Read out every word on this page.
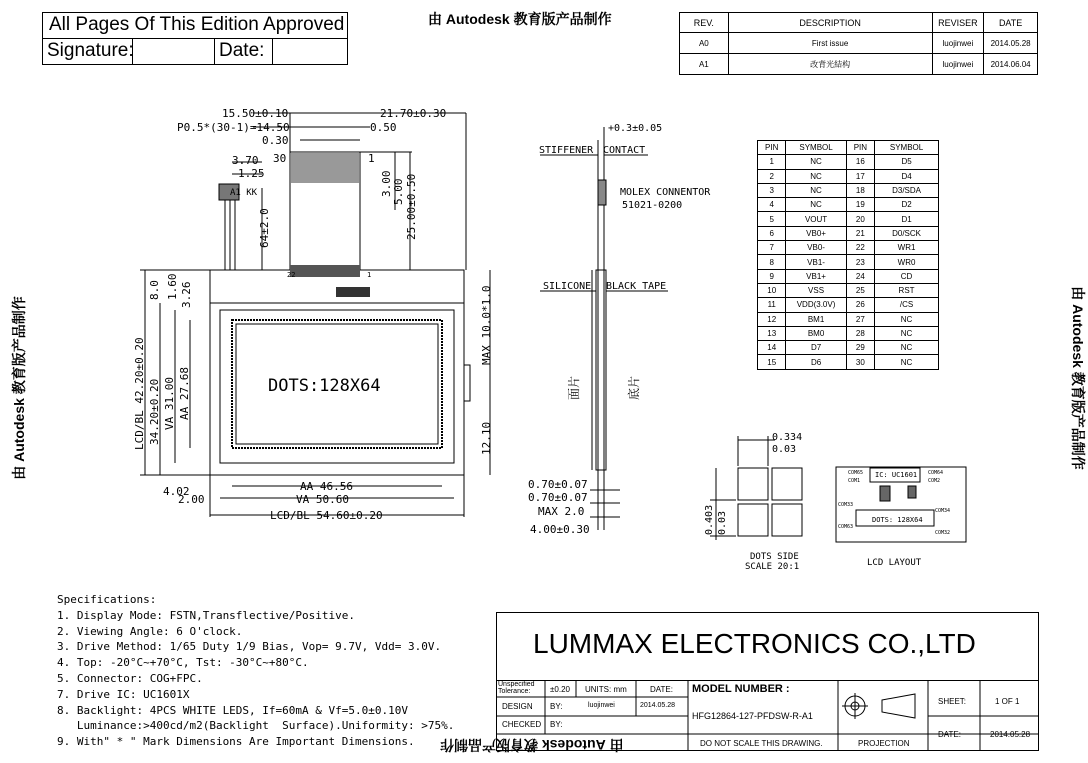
All Pages Of This Edition Approved
Signature:	Date:
由 Autodesk 教育版产品制作
由 Autodesk 教育版产品制作
由 Autodesk 教育版产品制作	由 Autodesk 教育版产品制作
REV.	DESCRIPTION	REVISER	DATE
A0	First issue	luojinwei	2014.05.28
A1	改背光結构	luojinwei	2014.06.04
DOTS:128X64
15.50±0.10	21.70±0.30
P0.5*(30-1)=14.50	0.50
0.30
3.70
1.25
30	1
A1 KK
22	1
4.02
2.00
AA 46.56
VA 50.60
LCD/BL 54.60±0.20
64±2.0
3.00 5.00 25.00±0.50
8.0 1.60 3.26
LCD/BL 42.20±0.20 34.20±0.20 VA 31.00 AA 27.68
MAX 10.0*1.0
12.10
+0.3±0.05
STIFFENER CONTACT
MOLEX CONNENTOR
51021-0200
SILICONE BLACK TAPE
0.70±0.07
0.70±0.07
MAX 2.0
4.00±0.30
面片	底片
PIN	SYMBOL	PIN	SYMBOL
1	NC	16	D5
2	NC	17	D4
3	NC	18	D3/SDA
4	NC	19	D2
5	VOUT	20	D1
6	VB0+	21	D0/SCK
7	VB0-	22	WR1
8	VB1-	23	WR0
9	VB1+	24	CD
10	VSS	25	RST
11	VDD(3.0V)	26	/CS
12	BM1	27	NC
13	BM0	28	NC
14	D7	29	NC
15	D6	30	NC
0.334
0.03
0.403 0.03
DOTS SIDE
SCALE 20:1
IC: UC1601
DOTS: 128X64
COM65	COM64
COM1	COM2
COM33
COM34
COM63
COM32
LCD LAYOUT
Specifications:
1. Display Mode: FSTN,Transflective/Positive.
2. Viewing Angle: 6 O'clock.
3. Drive Method: 1/65 Duty 1/9 Bias, Vop= 9.7V, Vdd= 3.0V.
4. Top: -20°C~+70°C, Tst: -30°C~+80°C.
5. Connector: COG+FPC.
7. Drive IC: UC1601X
8. Backlight: 4PCS WHITE LEDS, If=60mA & Vf=5.0±0.10V
Luminance:>400cd/m2(Backlight  Surface).Uniformity: >75%.
9. With" * " Mark Dimensions Are Important Dimensions.
LUMMAX ELECTRONICS CO.,LTD
Unspecified Tolerance:	±0.20 UNITS: mm	DATE:
DESIGN BY:	luojinwei	2014.05.28
CHECKED BY:
MODEL NUMBER :
HFG12864-127-PFDSW-R-A1
DO NOT SCALE THIS DRAWING.	PROJECTION
SHEET:	1 OF 1
DATE:	2014.05.28
